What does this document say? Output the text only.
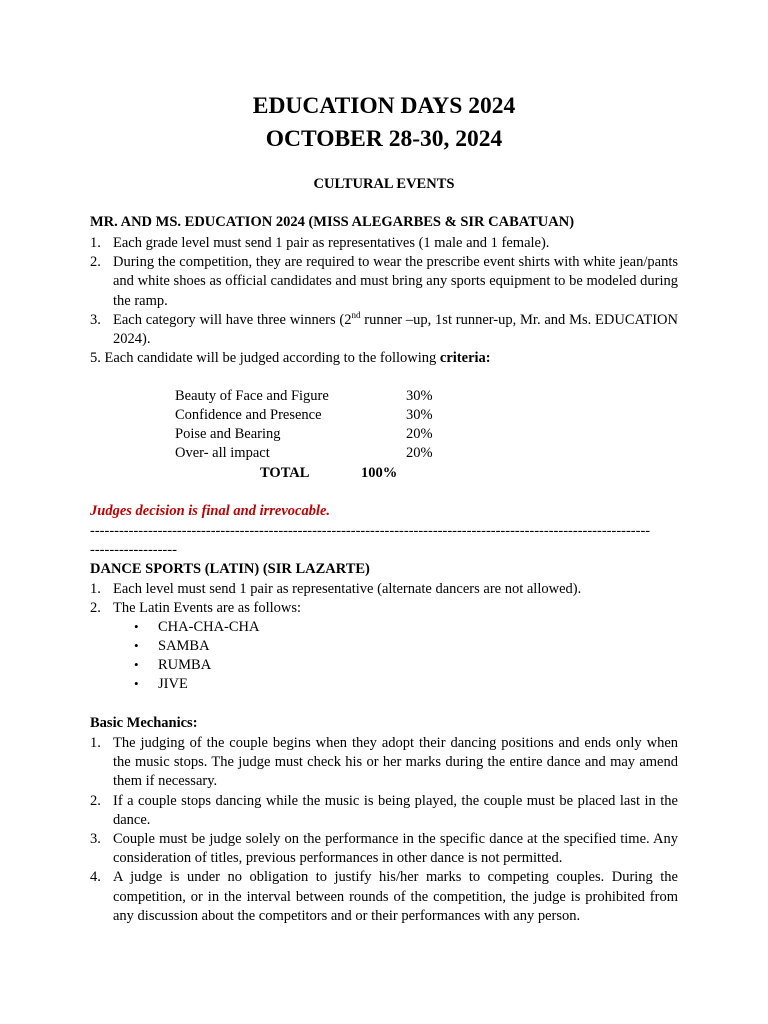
EDUCATION DAYS 2024
OCTOBER 28-30, 2024
CULTURAL EVENTS
MR. AND MS. EDUCATION 2024 (MISS ALEGARBES & SIR CABATUAN)
1. Each grade level must send 1 pair as representatives (1 male and 1 female).
2. During the competition, they are required to wear the prescribe event shirts with white jean/pants and white shoes as official candidates and must bring any sports equipment to be modeled during the ramp.
3. Each category will have three winners (2nd runner –up, 1st runner-up, Mr. and Ms. EDUCATION 2024).
5. Each candidate will be judged according to the following criteria:
Beauty of Face and Figure	30%
Confidence and Presence	30%
Poise and Bearing	20%
Over- all impact	20%
TOTAL	100%
Judges decision is final and irrevocable.
--------------------------------------------------------------------------------------------------------------------
------------------
DANCE SPORTS (LATIN) (SIR LAZARTE)
1. Each level must send 1 pair as representative (alternate dancers are not allowed).
2. The Latin Events are as follows:
• CHA-CHA-CHA
• SAMBA
• RUMBA
• JIVE
Basic Mechanics:
1. The judging of the couple begins when they adopt their dancing positions and ends only when the music stops. The judge must check his or her marks during the entire dance and may amend them if necessary.
2. If a couple stops dancing while the music is being played, the couple must be placed last in the dance.
3. Couple must be judge solely on the performance in the specific dance at the specified time. Any consideration of titles, previous performances in other dance is not permitted.
4. A judge is under no obligation to justify his/her marks to competing couples. During the competition, or in the interval between rounds of the competition, the judge is prohibited from any discussion about the competitors and or their performances with any person.
